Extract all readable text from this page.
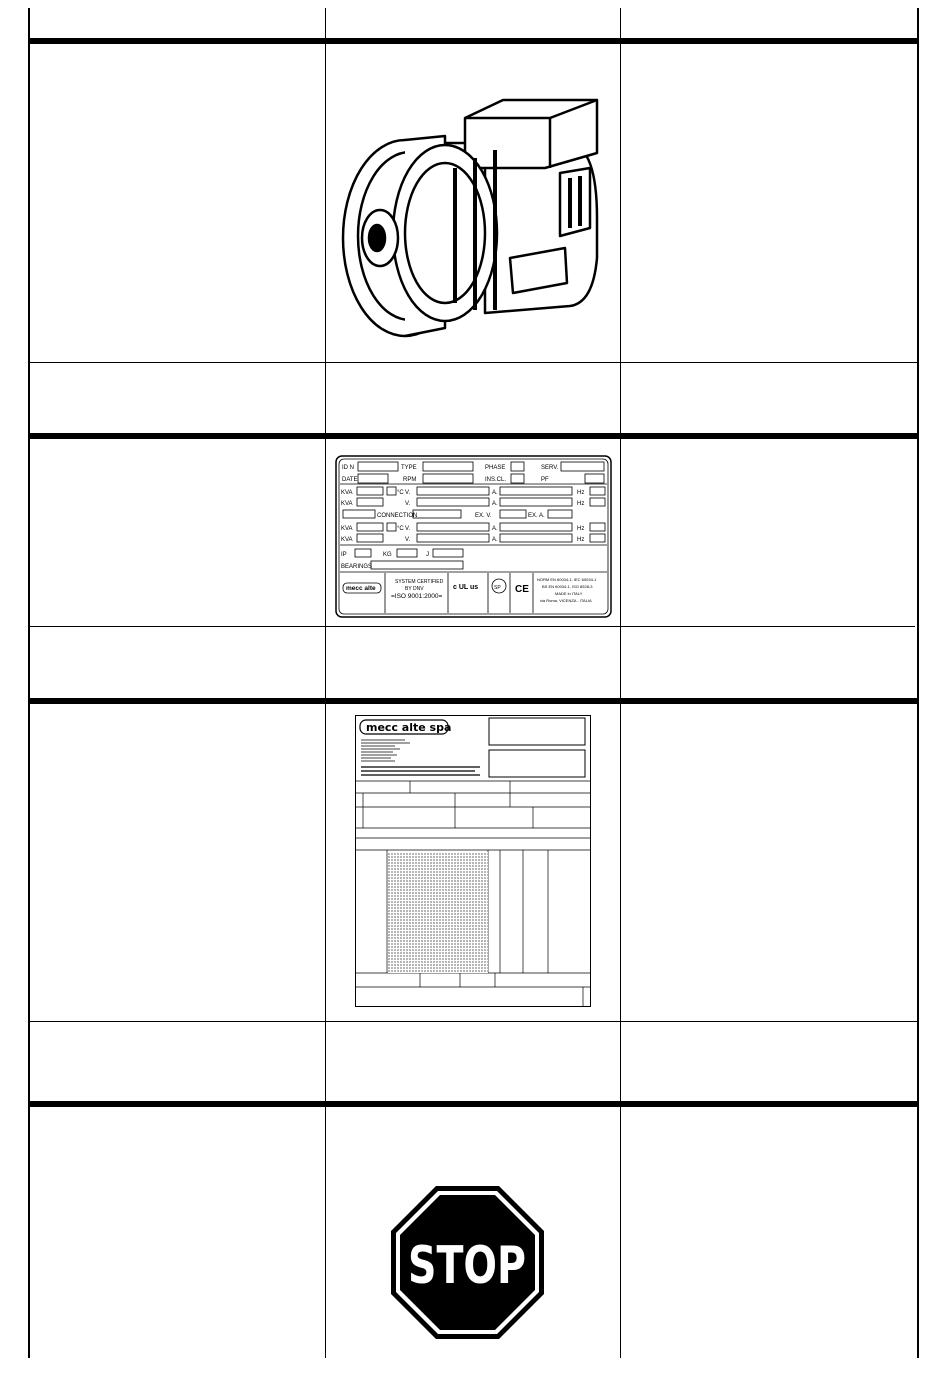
ID N	TYPE	PHASE	SERV.
DATE	RPM	INS.CL.	PF
KVA	°C V.	A.	Hz
KVA	V.	A.	Hz
CONNECTION	EX. V.	EX. A.
KVA	°C V.	A.	Hz
KVA	V.	A.	Hz
IP	KG	J
BEARINGS
mecc alte
SYSTEM CERTIFIED
BY DNV
=ISO 9001:2000=
c UL us	SP CE
NORM EN 60034-1, IEC 60034-1
BS EN 60034-1, ISO 8528-3
MADE in ITALY
via Roma, VICENZA - ITALIA
mecc alte spa
STOP
